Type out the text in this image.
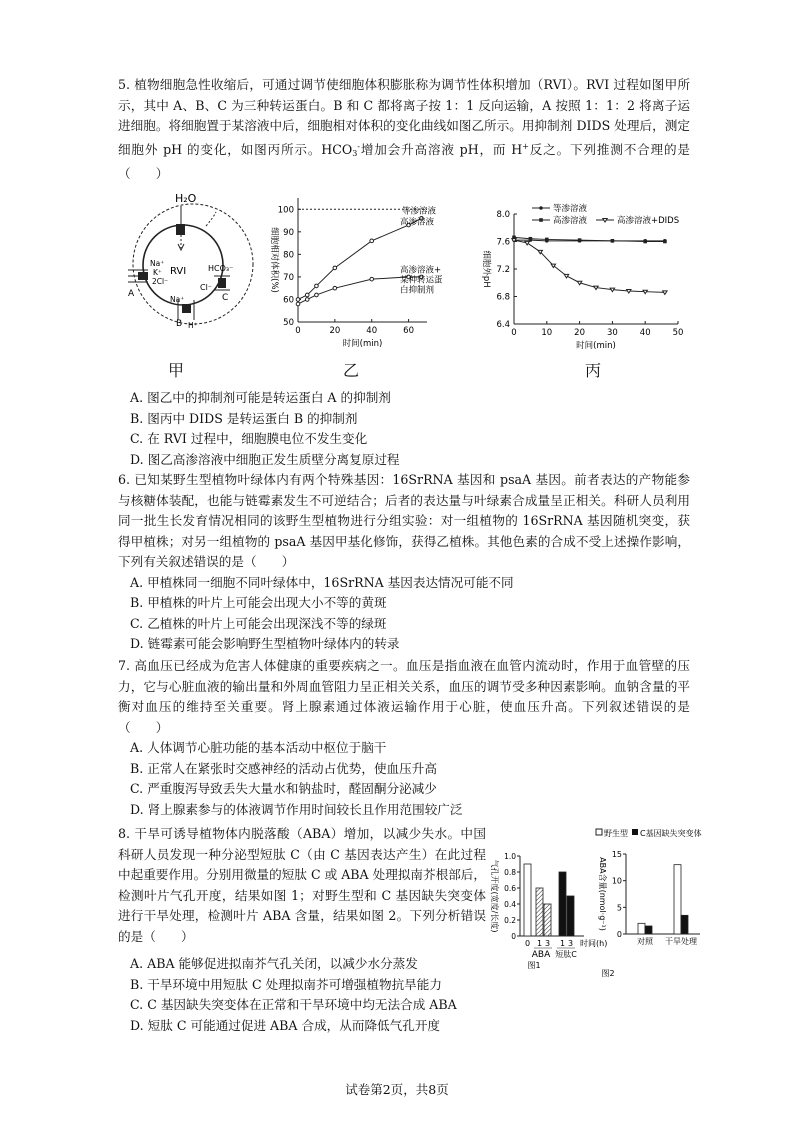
5. 植物细胞急性收缩后，可通过调节使细胞体积膨胀称为调节性体积增加（RVI）。RVI 过程如图甲所示，其中 A、B、C 为三种转运蛋白。B 和 C 都将离子按 1：1 反向运输，A 按照 1：1：2 将离子运进细胞。将细胞置于某溶液中后，细胞相对体积的变化曲线如图乙所示。用抑制剂 DIDS 处理后，测定细胞外 pH 的变化，如图丙所示。$HCO_3^-$增加会升高溶液 pH，而 H+反之。下列推测不合理的是（　　）

H₂O
RVI
Na⁺
K⁺
2Cl⁻
A
HCO₃⁻
Cl⁻
C
Na⁺
B H⁺
甲
100
90
80
70
60
50
0	20	40	60
时间(min)
细胞相对体积(%)
等渗溶液
高渗溶液
高渗溶液+
某种转运蛋
白抑制剂
乙
8.0
7.6
7.2
6.8
6.4
0	10	20	30	40	50
时间(min)
细胞外pH
等渗溶液
高渗溶液	高渗溶液+DIDS
丙

A. 图乙中的抑制剂可能是转运蛋白 A 的抑制剂

B. 图丙中 DIDS 是转运蛋白 B 的抑制剂

C. 在 RVI 过程中，细胞膜电位不发生变化

D. 图乙高渗溶液中细胞正发生质壁分离复原过程

6. 已知某野生型植物叶绿体内有两个特殊基因：16SrRNA 基因和 psaA 基因。前者表达的产物能参与核糖体装配，也能与链霉素发生不可逆结合；后者的表达量与叶绿素合成量呈正相关。科研人员利用同一批生长发育情况相同的该野生型植物进行分组实验：对一组植物的 16SrRNA 基因随机突变，获得甲植株；对另一组植物的 psaA 基因甲基化修饰，获得乙植株。其他色素的合成不受上述操作影响，下列有关叙述错误的是（　　）

A. 甲植株同一细胞不同叶绿体中，16SrRNA 基因表达情况可能不同

B. 甲植株的叶片上可能会出现大小不等的黄斑

C. 乙植株的叶片上可能会出现深浅不等的绿斑

D. 链霉素可能会影响野生型植物叶绿体内的转录

7. 高血压已经成为危害人体健康的重要疾病之一。血压是指血液在血管内流动时，作用于血管壁的压力，它与心脏血液的输出量和外周血管阻力呈正相关关系，血压的调节受多种因素影响。血钠含量的平衡对血压的维持至关重要。肾上腺素通过体液运输作用于心脏，使血压升高。下列叙述错误的是（　　）

A. 人体调节心脏功能的基本活动中枢位于脑干

B. 正常人在紧张时交感神经的活动占优势，使血压升高

C. 严重腹泻导致丢失大量水和钠盐时，醛固酮分泌减少

D. 肾上腺素参与的体液调节作用时间较长且作用范围较广泛

8. 干旱可诱导植物体内脱落酸（ABA）增加，以减少失水。中国科研人员发现一种分泌型短肽 C（由 C 基因表达产生）在此过程中起重要作用。分别用微量的短肽 C 或 ABA 处理拟南芥根部后，检测叶片气孔开度，结果如图 1；对野生型和 C 基因缺失突变体进行干旱处理，检测叶片 ABA 含量，结果如图 2。下列分析错误的是（　　）

A. ABA 能够促进拟南芥气孔关闭，以减少水分蒸发

B. 干旱环境中用短肽 C 处理拟南芥可增强植物抗旱能力

C. C 基因缺失突变体在正常和干旱环境中均无法合成 ABA

D. 短肽 C 可能通过促进 ABA 合成，从而降低气孔开度

1.0
0.8
0.6
0.4
0.2
0
气孔开度(宽度/长度)
0 1 3 1 3 时间(h)
ABA 短肽C
图1
野生型 C基因缺失突变体
15
10
5
0
ABA含量(nmol·g⁻¹)
对照 干旱处理
图2
试卷第2页，共8页
